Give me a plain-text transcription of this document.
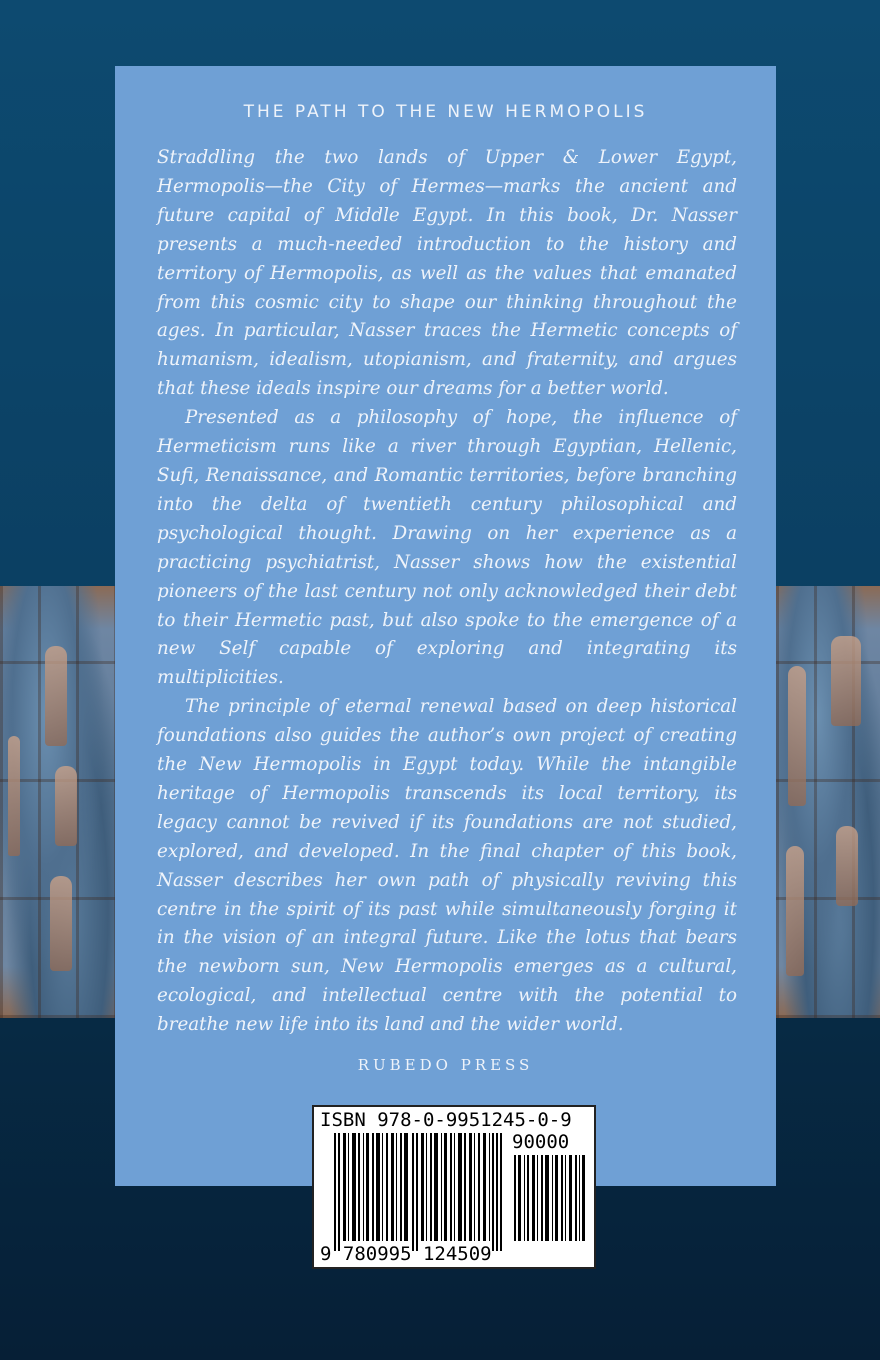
THE PATH TO THE NEW HERMOPOLIS

Straddling the two lands of Upper & Lower Egypt, Hermopolis—the City of Hermes—marks the ancient and future capital of Middle Egypt. In this book, Dr. Nasser presents a much-needed introduction to the history and territory of Hermopolis, as well as the values that emanated from this cosmic city to shape our thinking throughout the ages. In particular, Nasser traces the Hermetic concepts of humanism, idealism, utopianism, and fraternity, and argues that these ideals inspire our dreams for a better world.

Presented as a philosophy of hope, the influence of Hermeticism runs like a river through Egyptian, Hellenic, Sufi, Renaissance, and Romantic territories, before branching into the delta of twentieth century philosophical and psychological thought. Drawing on her experience as a practicing psychiatrist, Nasser shows how the existential pioneers of the last century not only acknowledged their debt to their Hermetic past, but also spoke to the emergence of a new Self capable of exploring and integrating its multiplicities.

The principle of eternal renewal based on deep historical foundations also guides the author’s own project of creating the New Hermopolis in Egypt today. While the intangible heritage of Hermopolis transcends its local territory, its legacy cannot be revived if its foundations are not studied, explored, and developed. In the final chapter of this book, Nasser describes her own path of physically reviving this centre in the spirit of its past while simultaneously forging it in the vision of an integral future. Like the lotus that bears the newborn sun, New Hermopolis emerges as a cultural, ecological, and intellectual centre with the potential to breathe new life into its land and the wider world.

RUBEDO PRESS
ISBN 978-0-9951245-0-9
90000
9 780995 124509
